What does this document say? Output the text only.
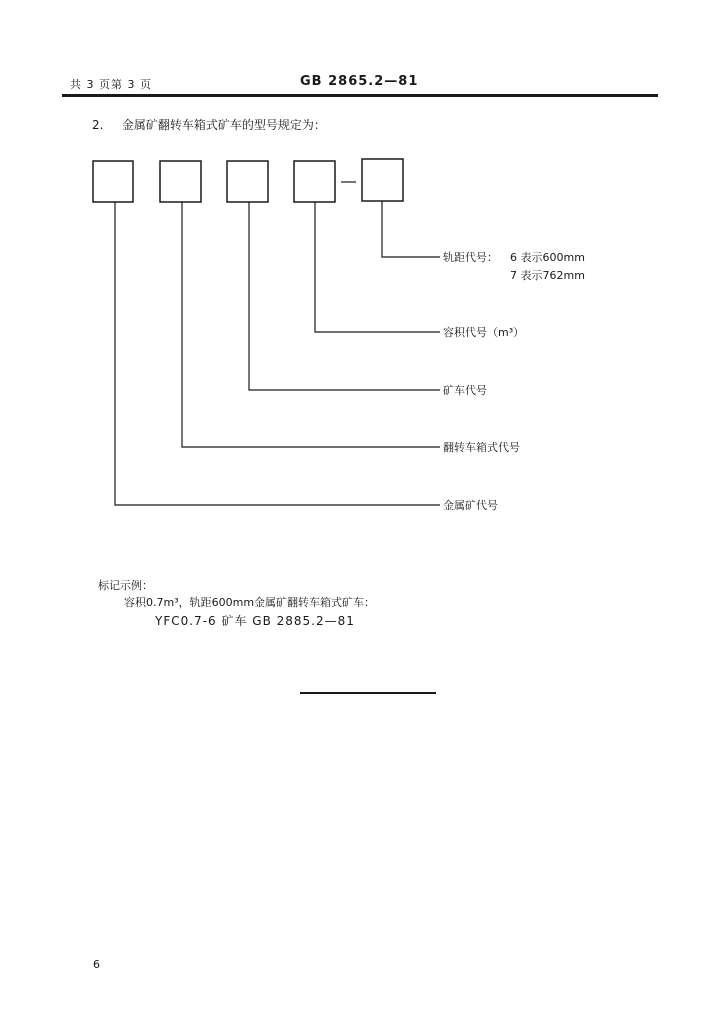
共 3 页第 3 页	GB 2865.2—81
2. 金属矿翻转车箱式矿车的型号规定为：
轨距代号： 6 表示600mm
7 表示762mm
容积代号（m³）
矿车代号
翻转车箱式代号
金属矿代号
标记示例：
容积0.7m³，轨距600mm金属矿翻转车箱式矿车：
YFC0.7-6 矿车 GB 2885.2—81
6
